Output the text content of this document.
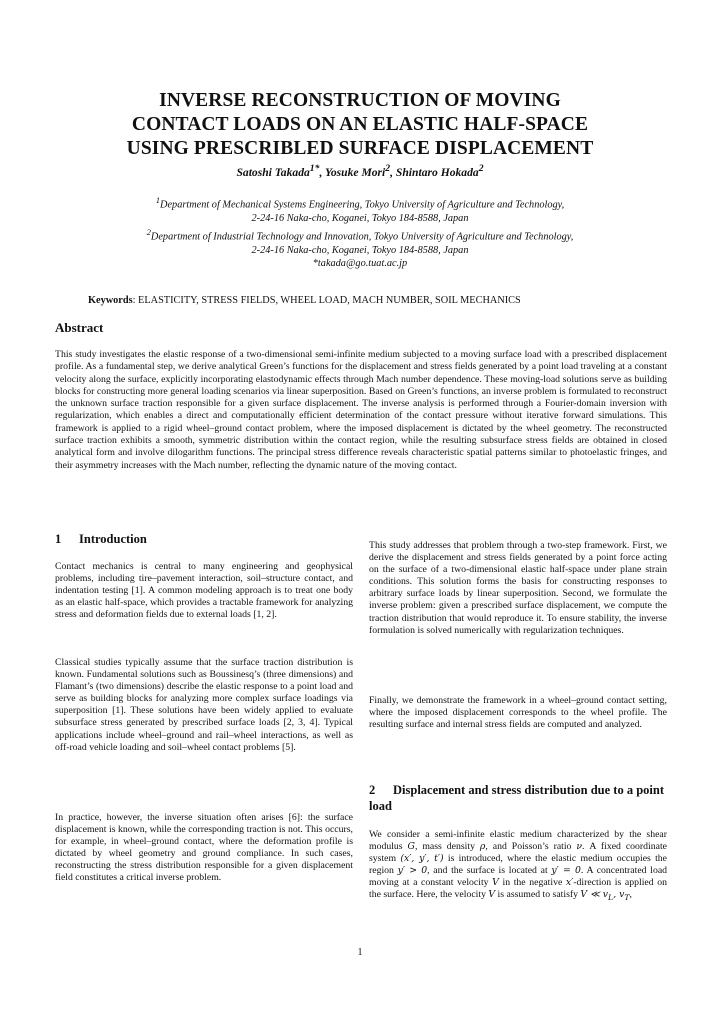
INVERSE RECONSTRUCTION OF MOVING
CONTACT LOADS ON AN ELASTIC HALF-SPACE
USING PRESCRIBLED SURFACE DISPLACEMENT
Satoshi Takada$^{1*}$, Yosuke Mori$^2$, Shintaro Hokada$^2$
$^1$Department of Mechanical Systems Engineering, Tokyo University of Agriculture and Technology,
2-24-16 Naka-cho, Koganei, Tokyo 184-8588, Japan
$^2$Department of Industrial Technology and Innovation, Tokyo University of Agriculture and Technology,
2-24-16 Naka-cho, Koganei, Tokyo 184-8588, Japan
*takada@go.tuat.ac.jp
Keywords: ELASTICITY, STRESS FIELDS, WHEEL LOAD, MACH NUMBER, SOIL MECHANICS
Abstract
This study investigates the elastic response of a two-dimensional semi-infinite medium subjected to a moving surface load with a prescribed displacement profile. As a fundamental step, we derive analytical Green’s functions for the displacement and stress fields generated by a point load traveling at a constant velocity along the surface, explicitly incorporating elastodynamic effects through Mach number dependence. These moving-load solutions serve as building blocks for constructing more general loading scenarios via linear superposition. Based on Green’s functions, an inverse problem is formulated to reconstruct the unknown surface traction responsible for a given surface displacement. The inverse analysis is performed through a Fourier-domain inversion with regularization, which enables a direct and computationally efficient determination of the contact pressure without iterative forward simulations. This framework is applied to a rigid wheel–ground contact problem, where the imposed displacement is dictated by the wheel geometry. The reconstructed surface traction exhibits a smooth, symmetric distribution within the contact region, while the resulting subsurface stress fields are obtained in closed analytical form and involve dilogarithm functions. The principal stress difference reveals characteristic spatial patterns similar to photoelastic fringes, and their asymmetry increases with the Mach number, reflecting the dynamic nature of the moving contact.
1 Introduction

Contact mechanics is central to many engineering and geophysical problems, including tire–pavement interaction, soil–structure contact, and indentation testing [1]. A common modeling approach is to treat one body as an elastic half-space, which provides a tractable framework for analyzing stress and deformation fields due to external loads [1, 2].

Classical studies typically assume that the surface traction distribution is known. Fundamental solutions such as Boussinesq’s (three dimensions) and Flamant’s (two dimensions) describe the elastic response to a point load and serve as building blocks for analyzing more complex surface loadings via superposition [1]. These solutions have been widely applied to evaluate subsurface stress generated by prescribed surface loads [2, 3, 4]. Typical applications include wheel–ground and rail–wheel interactions, as well as off-road vehicle loading and soil–wheel contact problems [5].

In practice, however, the inverse situation often arises [6]: the surface displacement is known, while the corresponding traction is not. This occurs, for example, in wheel–ground contact, where the deformation profile is dictated by wheel geometry and ground compliance. In such cases, reconstructing the stress distribution responsible for a given displacement field constitutes a critical inverse problem.

This study addresses that problem through a two-step framework. First, we derive the displacement and stress fields generated by a point force acting on the surface of a two-dimensional elastic half-space under plane strain conditions. This solution forms the basis for constructing responses to arbitrary surface loads by linear superposition. Second, we formulate the inverse problem: given a prescribed surface displacement, we compute the traction distribution that would reproduce it. To ensure stability, the inverse formulation is solved numerically with regularization techniques.

Finally, we demonstrate the framework in a wheel–ground contact setting, where the imposed displacement corresponds to the wheel profile. The resulting surface and internal stress fields are computed and analyzed.

2 Displacement and stress distribution due to a point load

We consider a semi-infinite elastic medium characterized by the shear modulus G, mass density ρ, and Poisson’s ratio ν. A fixed coordinate system (x′, y′, t′) is introduced, where the elastic medium occupies the region y′ > 0, and the surface is located at y′ = 0. A concentrated load moving at a constant velocity V in the negative x′-direction is applied on the surface. Here, the velocity V is assumed to satisfy V ≪ $v_L$, $v_T$,

1
